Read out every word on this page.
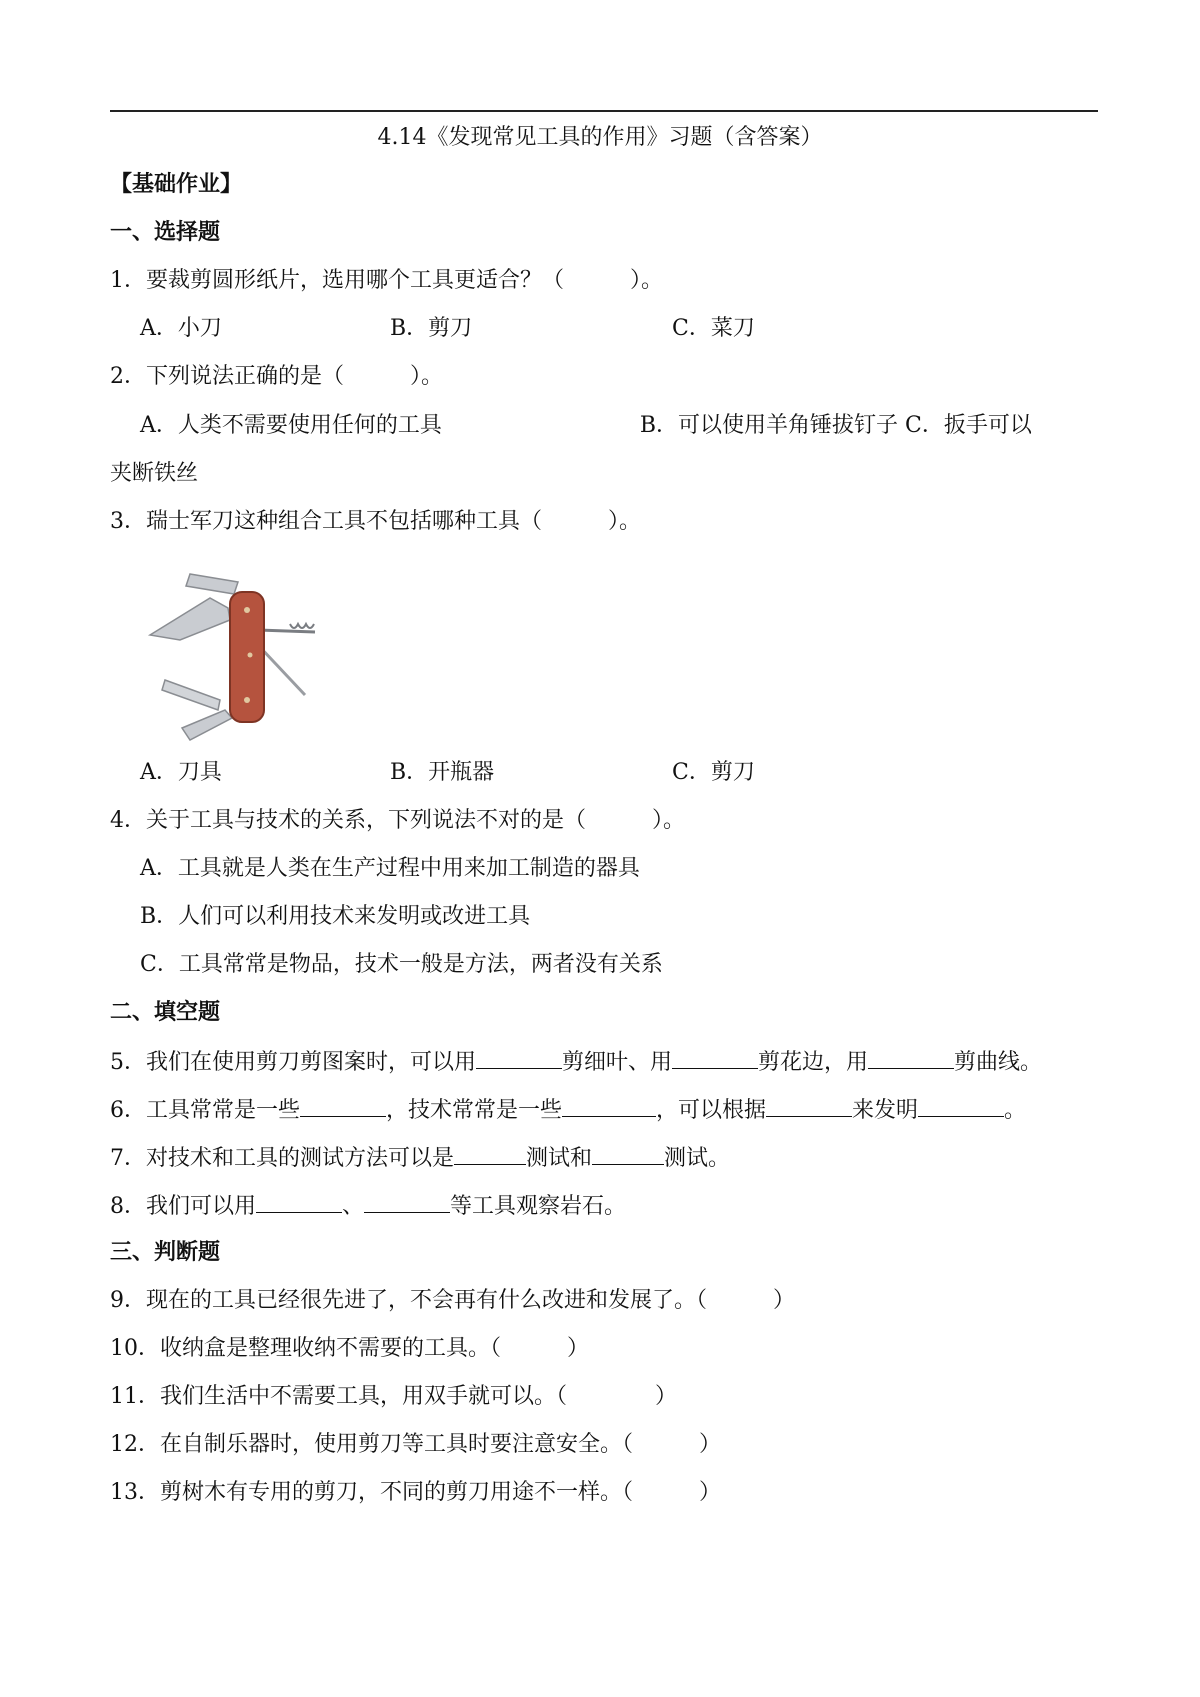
4.14《发现常见工具的作用》习题（含答案）
【基础作业】
一、选择题
1．要裁剪圆形纸片，选用哪个工具更适合？（　　　）。
A．小刀	B．剪刀	C．菜刀
2．下列说法正确的是（　　　）。
A．人类不需要使用任何的工具　　　　　　　　　B．可以使用羊角锤拔钉子 C．扳手可以
夹断铁丝
3．瑞士军刀这种组合工具不包括哪种工具（　　　）。
A．刀具	B．开瓶器	C．剪刀
4．关于工具与技术的关系，下列说法不对的是（　　　）。
A．工具就是人类在生产过程中用来加工制造的器具
B．人们可以利用技术来发明或改进工具
C．工具常常是物品，技术一般是方法，两者没有关系
二、填空题
5．我们在使用剪刀剪图案时，可以用	剪细叶、用	剪花边，用	剪曲线。
6．工具常常是一些	，技术常常是一些	，可以根据	来发明	。
7．对技术和工具的测试方法可以是	测试和	测试。
8．我们可以用	、	等工具观察岩石。
三、判断题
9．现在的工具已经很先进了，不会再有什么改进和发展了。（　　　）
10．收纳盒是整理收纳不需要的工具。（　　　）
11．我们生活中不需要工具，用双手就可以。（　　　　）
12．在自制乐器时，使用剪刀等工具时要注意安全。（　　　）
13．剪树木有专用的剪刀，不同的剪刀用途不一样。（　　　）
